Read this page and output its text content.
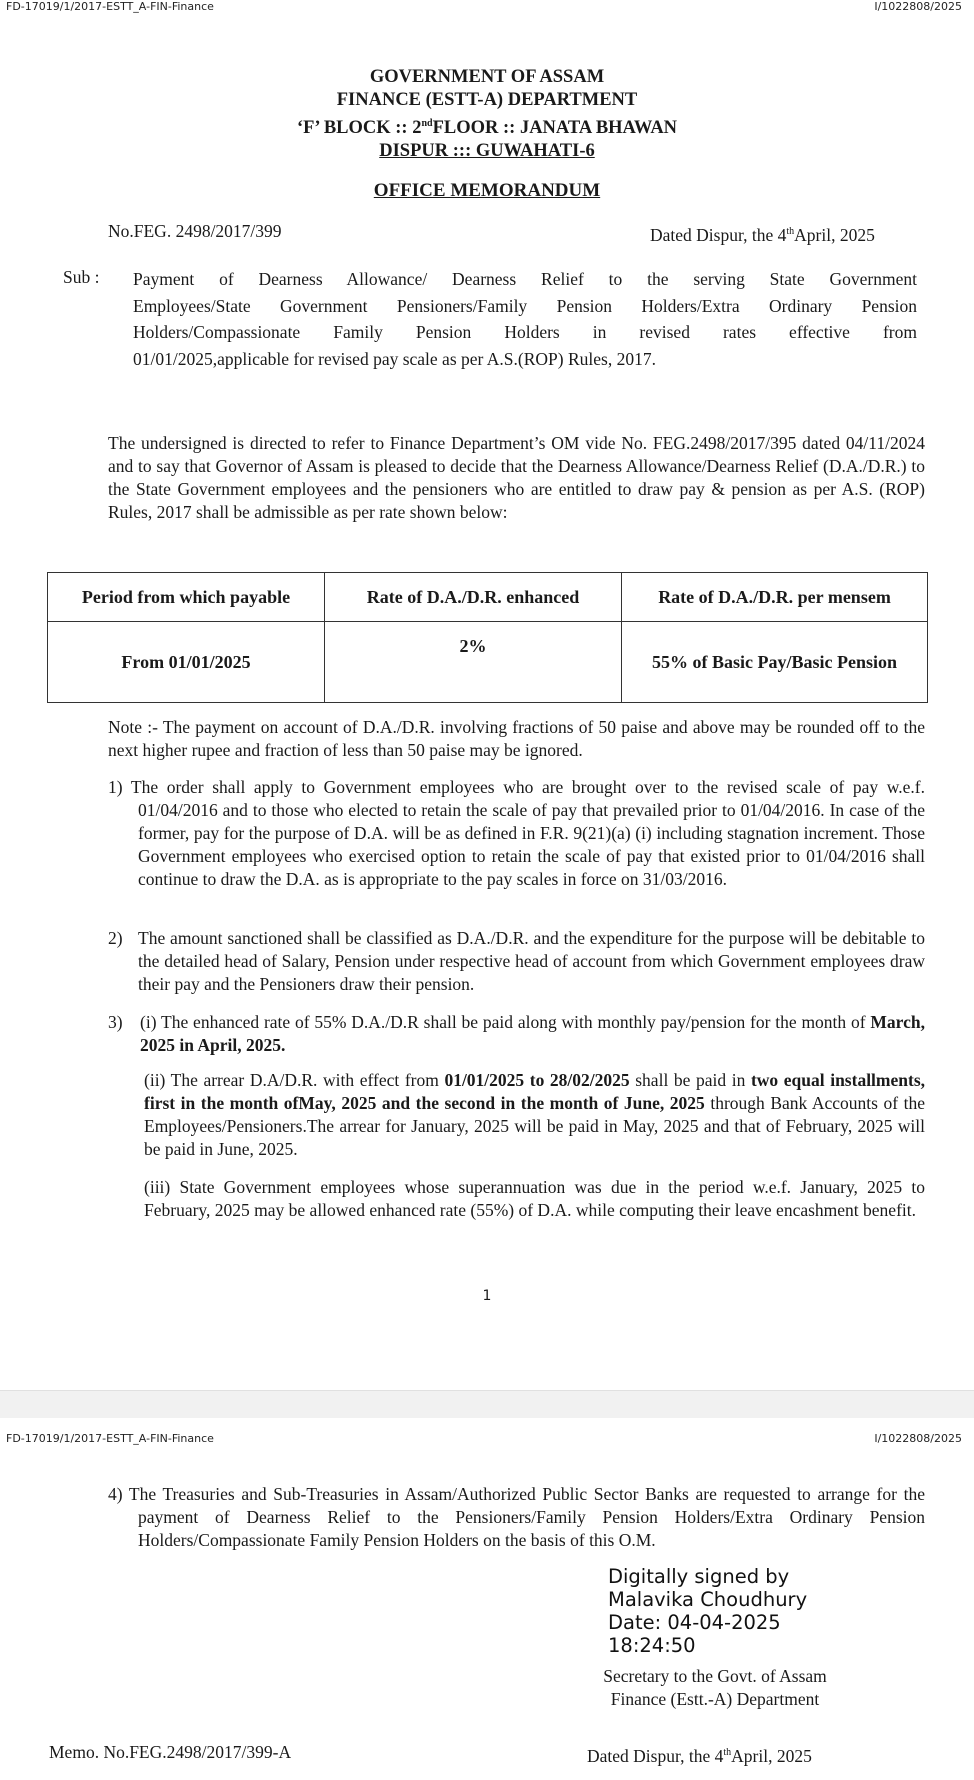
FD-17019/1/2017-ESTT_A-FIN-Finance	I/1022808/2025
GOVERNMENT OF ASSAM
FINANCE (ESTT-A) DEPARTMENT
‘F’ BLOCK :: 2ndFLOOR :: JANATA BHAWAN
DISPUR ::: GUWAHATI-6
OFFICE MEMORANDUM
No.FEG. 2498/2017/399	Dated Dispur, the 4thApril, 2025
Sub : Payment of Dearness Allowance/ Dearness Relief to the serving State Government
Employees/State Government Pensioners/Family Pension Holders/Extra Ordinary Pension
Holders/Compassionate Family Pension Holders in revised rates effective from
01/01/2025,applicable for revised pay scale as per A.S.(ROP) Rules, 2017.
The undersigned is directed to refer to Finance Department’s OM vide No. FEG.2498/2017/395 dated 04/11/2024 and to say that Governor of Assam is pleased to decide that the Dearness Allowance/Dearness Relief (D.A./D.R.) to the State Government employees and the pensioners who are entitled to draw pay & pension as per A.S. (ROP) Rules, 2017 shall be admissible as per rate shown below:
Period from which payable	Rate of D.A./D.R. enhanced	Rate of D.A./D.R. per mensem
From 01/01/2025	2%	55% of Basic Pay/Basic Pension
Note :- The payment on account of D.A./D.R. involving fractions of 50 paise and above may be rounded off to the next higher rupee and fraction of less than 50 paise may be ignored.
1) The order shall apply to Government employees who are brought over to the revised scale of pay w.e.f. 01/04/2016 and to those who elected to retain the scale of pay that prevailed prior to 01/04/2016. In case of the former, pay for the purpose of D.A. will be as defined in F.R. 9(21)(a) (i) including stagnation increment. Those Government employees who exercised option to retain the scale of pay that existed prior to 01/04/2016 shall continue to draw the D.A. as is appropriate to the pay scales in force on 31/03/2016.
2) The amount sanctioned shall be classified as D.A./D.R. and the expenditure for the purpose will be debitable to the detailed head of Salary, Pension under respective head of account from which Government employees draw their pay and the Pensioners draw their pension.
3) (i) The enhanced rate of 55% D.A./D.R shall be paid along with monthly pay/pension for the month of March, 2025 in April, 2025.
(ii) The arrear D.A/D.R. with effect from 01/01/2025 to 28/02/2025 shall be paid in two equal installments, first in the month ofMay, 2025 and the second in the month of June, 2025 through Bank Accounts of the Employees/Pensioners.The arrear for January, 2025 will be paid in May, 2025 and that of February, 2025 will be paid in June, 2025.
(iii) State Government employees whose superannuation was due in the period w.e.f. January, 2025 to February, 2025 may be allowed enhanced rate (55%) of D.A. while computing their leave encashment benefit.
1
FD-17019/1/2017-ESTT_A-FIN-Finance	I/1022808/2025
4) The Treasuries and Sub-Treasuries in Assam/Authorized Public Sector Banks are requested to arrange for the payment of Dearness Relief to the Pensioners/Family Pension Holders/Extra Ordinary Pension Holders/Compassionate Family Pension Holders on the basis of this O.M.
Digitally signed by
Malavika Choudhury
Date: 04-04-2025
18:24:50
Secretary to the Govt. of Assam
Finance (Estt.-A) Department
Memo. No.FEG.2498/2017/399-A	Dated Dispur, the 4thApril, 2025
